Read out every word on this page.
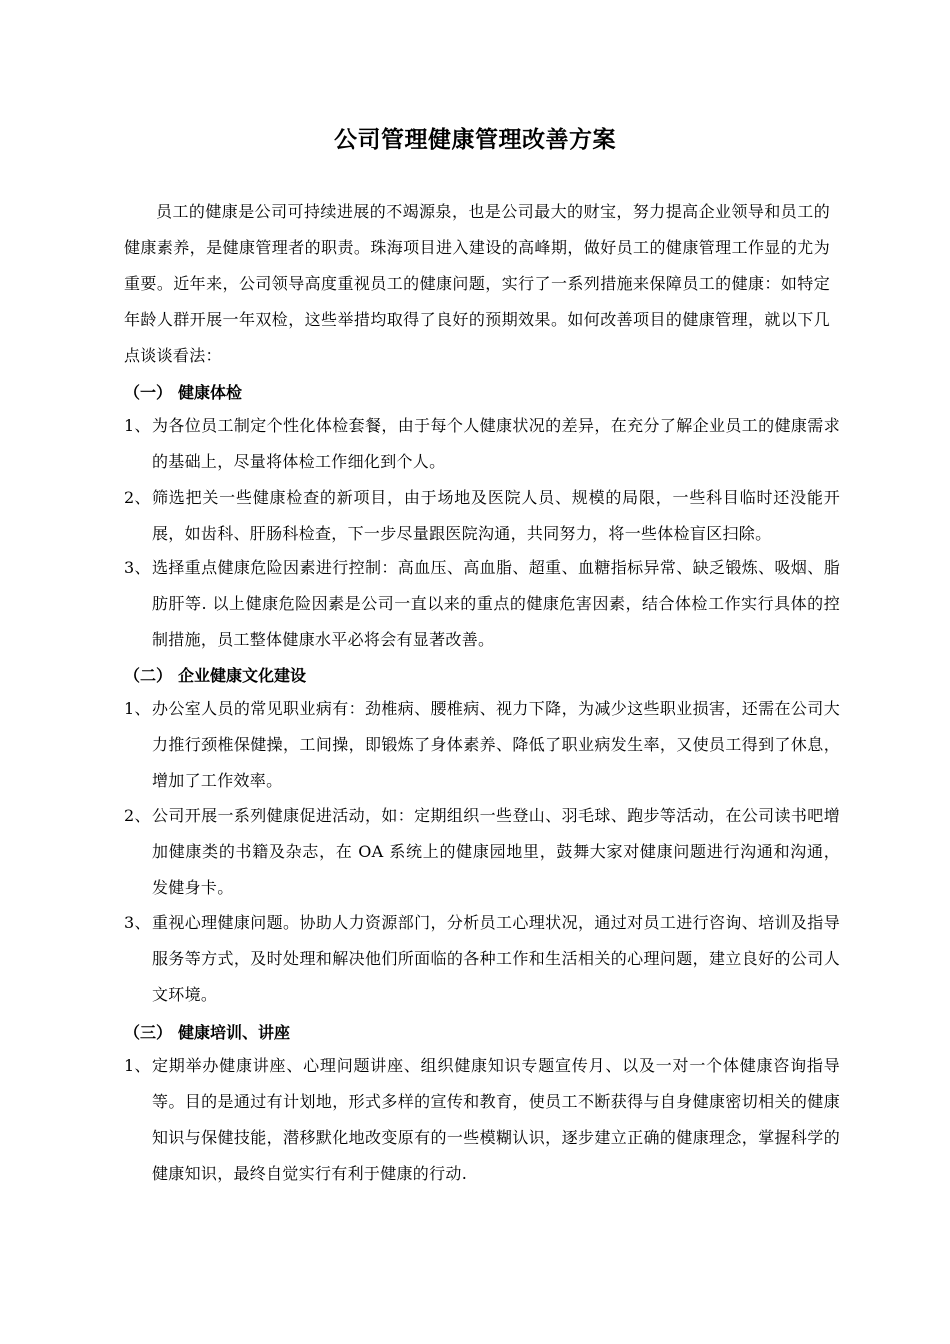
公司管理健康管理改善方案

员工的健康是公司可持续进展的不竭源泉，也是公司最大的财宝，努力提高企业领导和员工的健康素养，是健康管理者的职责。珠海项目进入建设的高峰期，做好员工的健康管理工作显的尤为重要。近年来，公司领导高度重视员工的健康问题，实行了一系列措施来保障员工的健康：如特定年龄人群开展一年双检，这些举措均取得了良好的预期效果。如何改善项目的健康管理，就以下几点谈谈看法：

（一） 健康体检
1、 为各位员工制定个性化体检套餐，由于每个人健康状况的差异，在充分了解企业员工的健康需求的基础上，尽量将体检工作细化到个人。
2、 筛选把关一些健康检查的新项目，由于场地及医院人员、规模的局限，一些科目临时还没能开展，如齿科、肝肠科检查，下一步尽量跟医院沟通，共同努力，将一些体检盲区扫除。
3、 选择重点健康危险因素进行控制：高血压、高血脂、超重、血糖指标异常、缺乏锻炼、吸烟、脂肪肝等. 以上健康危险因素是公司一直以来的重点的健康危害因素，结合体检工作实行具体的控制措施，员工整体健康水平必将会有显著改善。
（二） 企业健康文化建设
1、 办公室人员的常见职业病有：劲椎病、腰椎病、视力下降，为减少这些职业损害，还需在公司大力推行颈椎保健操，工间操，即锻炼了身体素养、降低了职业病发生率，又使员工得到了休息，增加了工作效率。
2、 公司开展一系列健康促进活动，如：定期组织一些登山、羽毛球、跑步等活动，在公司读书吧增加健康类的书籍及杂志，在 OA 系统上的健康园地里，鼓舞大家对健康问题进行沟通和沟通，发健身卡。
3、 重视心理健康问题。协助人力资源部门，分析员工心理状况，通过对员工进行咨询、培训及指导服务等方式，及时处理和解决他们所面临的各种工作和生活相关的心理问题，建立良好的公司人文环境。
（三） 健康培训、讲座
1、 定期举办健康讲座、心理问题讲座、组织健康知识专题宣传月、以及一对一个体健康咨询指导等。目的是通过有计划地，形式多样的宣传和教育，使员工不断获得与自身健康密切相关的健康知识与保健技能，潜移默化地改变原有的一些模糊认识，逐步建立正确的健康理念，掌握科学的健康知识，最终自觉实行有利于健康的行动.
